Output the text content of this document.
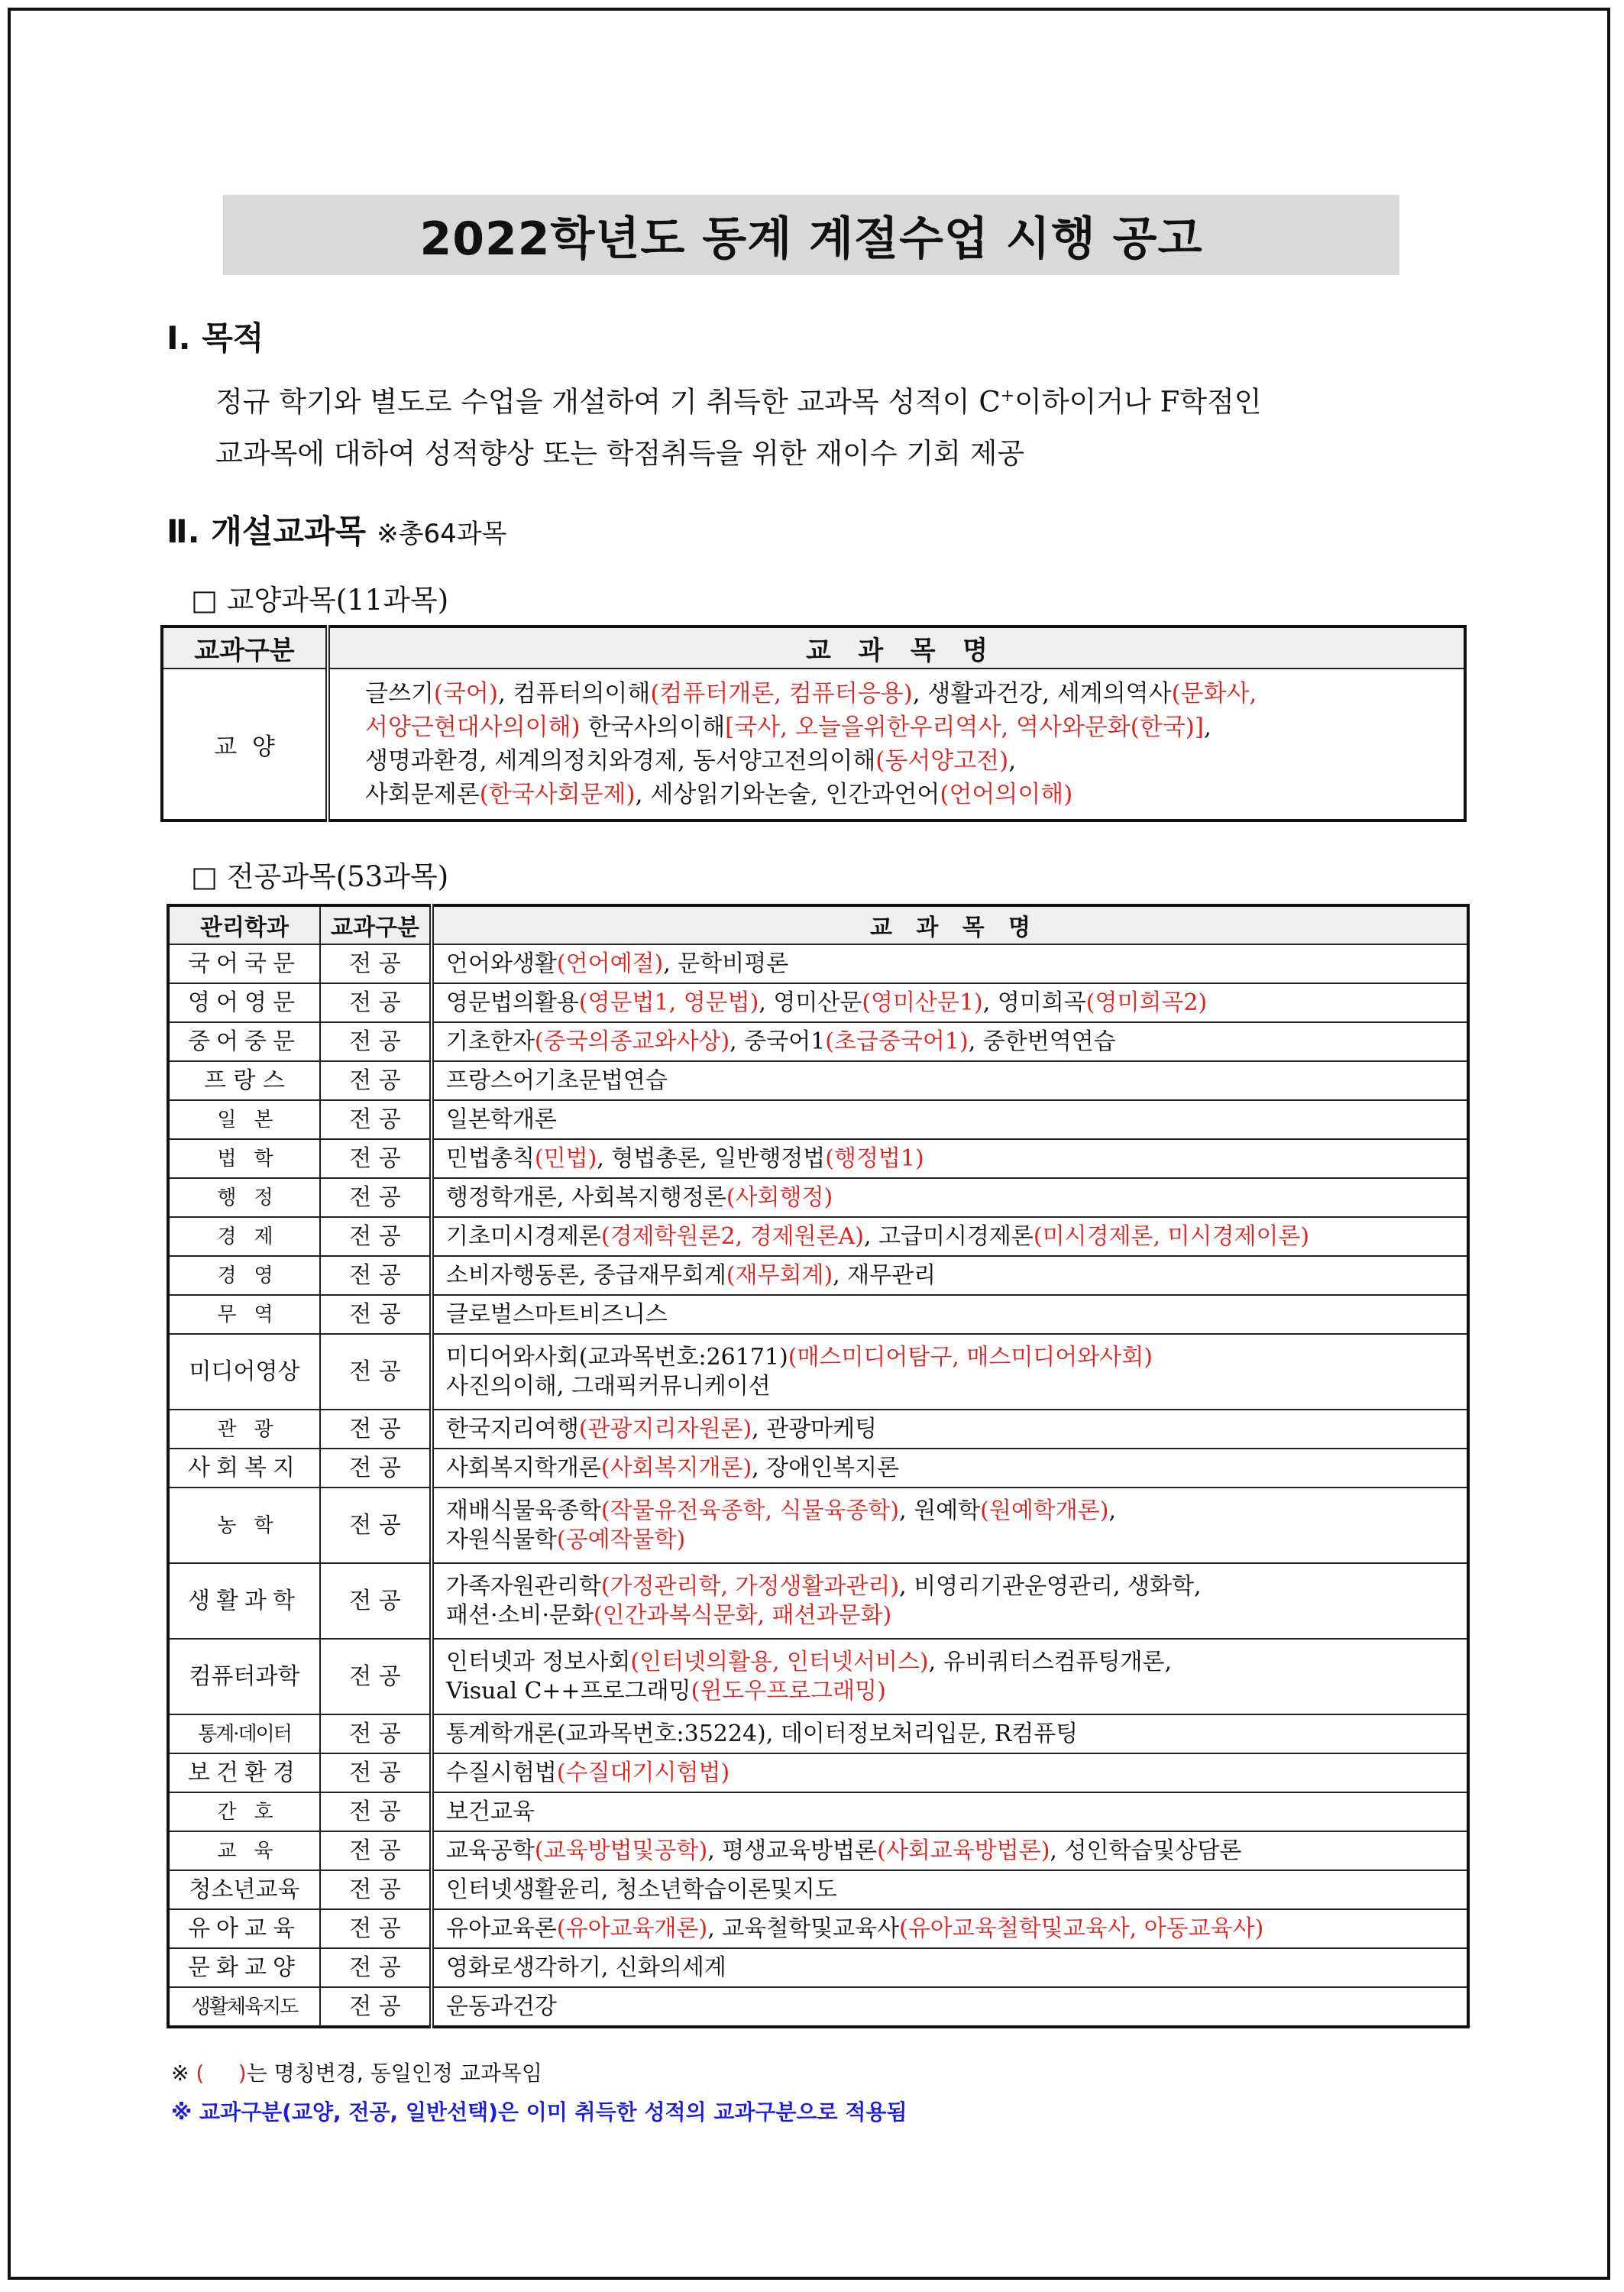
2022학년도 동계 계절수업 시행 공고
Ⅰ. 목적

정규 학기와 별도로 수업을 개설하여 기 취득한 교과목 성적이 C+이하이거나 F학점인

교과목에 대하여 성적향상 또는 학점취득을 위한 재이수 기회 제공

Ⅱ. 개설교과목 ※총64과목
□ 교양과목(11과목)
교과구분	교   과   목   명
교  양	글쓰기(국어), 컴퓨터의이해(컴퓨터개론, 컴퓨터응용), 생활과건강, 세계의역사(문화사,
서양근현대사의이해) 한국사의이해[국사, 오늘을위한우리역사, 역사와문화(한국)],
생명과환경, 세계의정치와경제, 동서양고전의이해(동서양고전),
사회문제론(한국사회문제), 세상읽기와논술, 인간과언어(언어의이해)
□ 전공과목(53과목)
관리학과	교과구분	교   과   목   명
국어국문	전 공	언어와생활(언어예절), 문학비평론

영어영문	전 공	영문법의활용(영문법1, 영문법), 영미산문(영미산문1), 영미희곡(영미희곡2)

중어중문	전 공	기초한자(중국의종교와사상), 중국어1(초급중국어1), 중한번역연습

프 랑 스	전 공	프랑스어기초문법연습

일    본	전 공	일본학개론

법    학	전 공	민법총칙(민법), 형법총론, 일반행정법(행정법1)

행    정	전 공	행정학개론, 사회복지행정론(사회행정)

경    제	전 공	기초미시경제론(경제학원론2, 경제원론A), 고급미시경제론(미시경제론, 미시경제이론)

경    영	전 공	소비자행동론, 중급재무회계(재무회계), 재무관리

무    역	전 공	글로벌스마트비즈니스

미디어영상	전 공	미디어와사회(교과목번호:26171)(매스미디어탐구, 매스미디어와사회)
사진의이해, 그래픽커뮤니케이션

관    광	전 공	한국지리여행(관광지리자원론), 관광마케팅

사회복지	전 공	사회복지학개론(사회복지개론), 장애인복지론

농    학	전 공	재배식물육종학(작물유전육종학, 식물육종학), 원예학(원예학개론),
자원식물학(공예작물학)

생활과학	전 공	가족자원관리학(가정관리학, 가정생활과관리), 비영리기관운영관리, 생화학,
패션·소비·문화(인간과복식문화, 패션과문화)

컴퓨터과학	전 공	인터넷과 정보사회(인터넷의활용, 인터넷서비스), 유비쿼터스컴퓨팅개론,
Visual C++프로그래밍(윈도우프로그래밍)

통계·데이터	전 공	통계학개론(교과목번호:35224), 데이터정보처리입문, R컴퓨팅

보건환경	전 공	수질시험법(수질대기시험법)

간    호	전 공	보건교육

교    육	전 공	교육공학(교육방법및공학), 평생교육방법론(사회교육방법론), 성인학습및상담론

청소년교육	전 공	인터넷생활윤리, 청소년학습이론및지도

유아교육	전 공	유아교육론(유아교육개론), 교육철학및교육사(유아교육철학및교육사, 아동교육사)

문화교양	전 공	영화로생각하기, 신화의세계

생활체육지도	전 공	운동과건강
※ (     )는 명칭변경, 동일인정 교과목임
※ 교과구분(교양, 전공, 일반선택)은 이미 취득한 성적의 교과구분으로 적용됨
